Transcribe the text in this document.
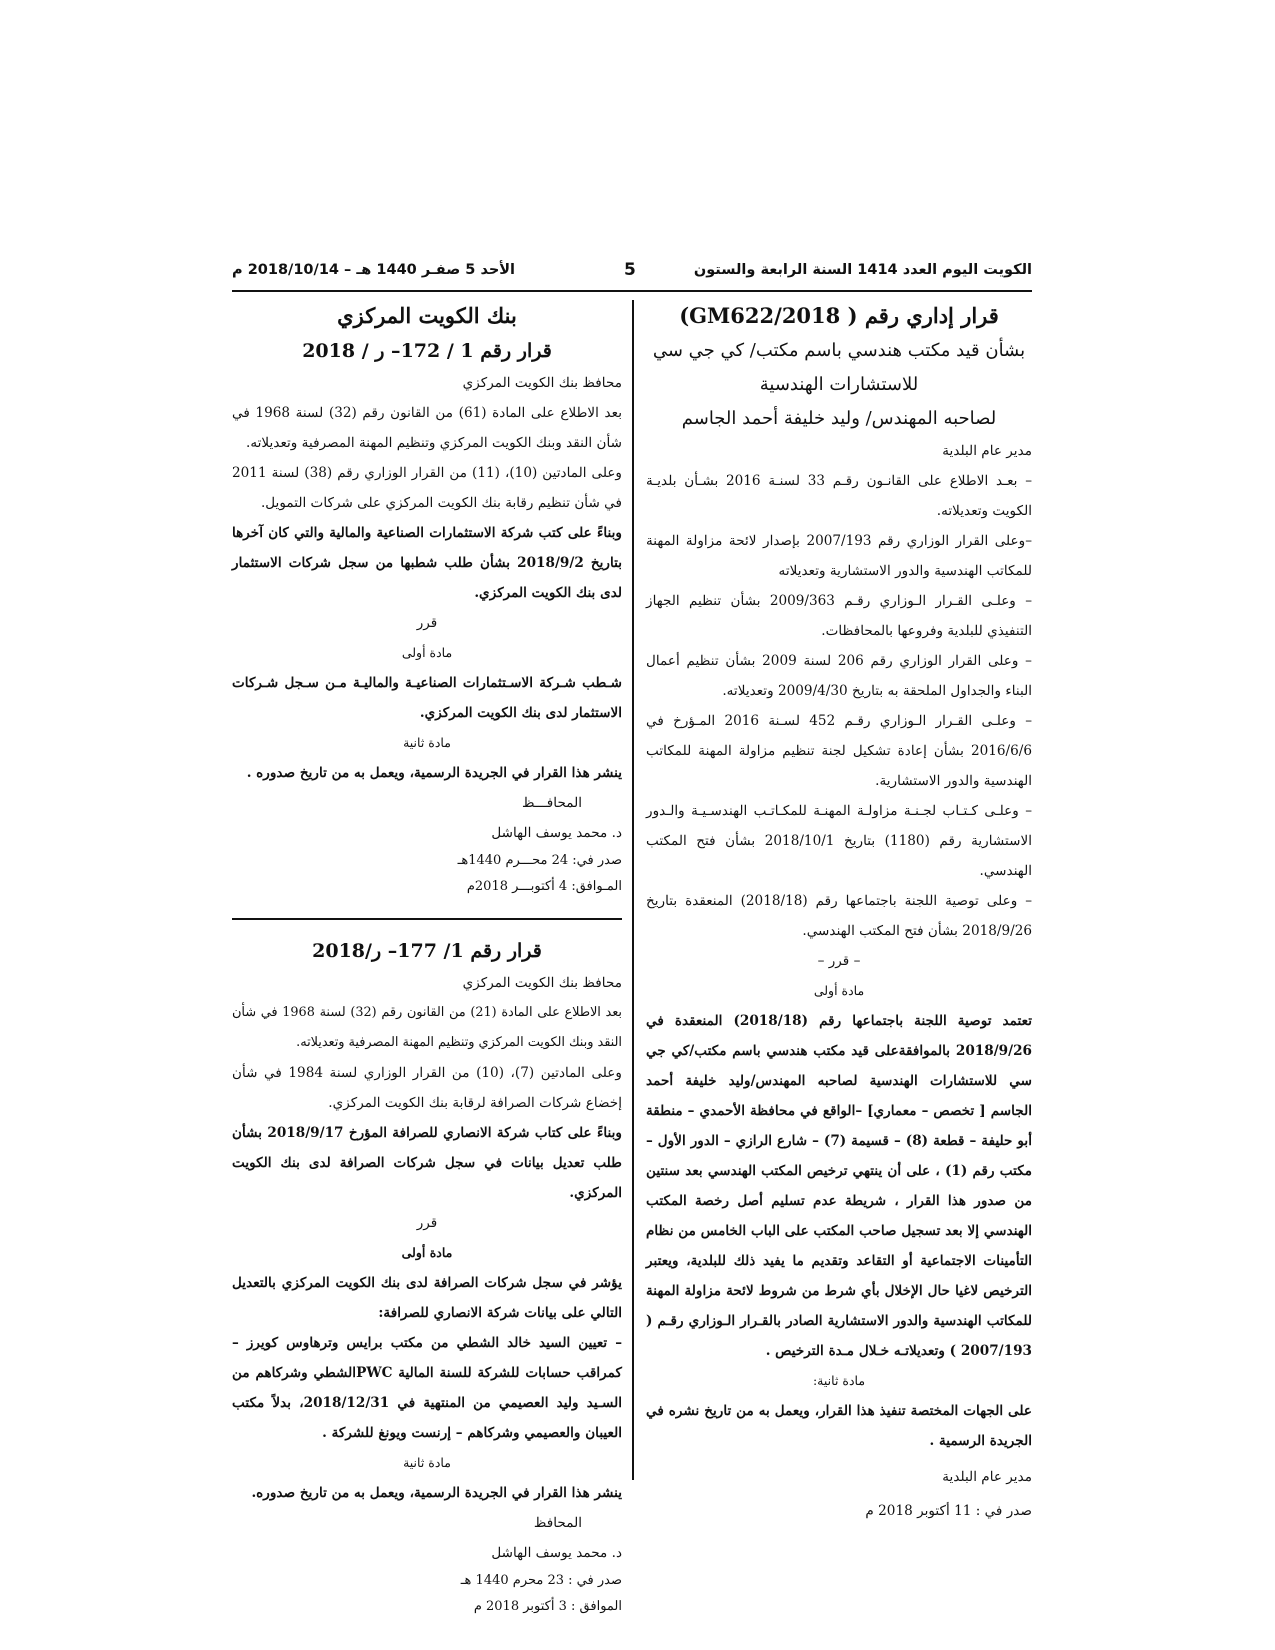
الكويت اليوم العدد 1414 السنة الرابعة والستون
5
الأحد 5 صفـر 1440 هـ – 2018/10/14 م

قرار إداري رقم ( 2018/GM622)

بشأن قيد مكتب هندسي باسم مكتب/ كي جي سي

للاستشارات الهندسية

لصاحبه المهندس/ وليد خليفة أحمد الجاسم

مدير عام البلدية

– بعـد الاطلاع على القانـون رقـم 33 لسنـة 2016 بشـأن بلديـة الكويت وتعديلاته.

–وعلى القرار الوزاري رقم 2007/193 بإصدار لائحة مزاولة المهنة للمكاتب الهندسية والدور الاستشارية وتعديلاته

– وعلـى القـرار الـوزاري رقـم 2009/363 بشأن تنظيم الجهاز التنفيذي للبلدية وفروعها بالمحافظات.

– وعلى القرار الوزاري رقم 206 لسنة 2009 بشأن تنظيم أعمال البناء والجداول الملحقة به بتاريخ 2009/4/30 وتعديلاته.

– وعلـى القـرار الـوزاري رقـم 452 لسـنة 2016 المـؤرخ في 2016/6/6 بشأن إعادة تشكيل لجنة تنظيم مزاولة المهنة للمكاتب الهندسية والدور الاستشارية.

– وعلـى كـتـاب لجـنـة مزاولـة المهنـة للمكـاتـب الهندسـيـة والـدور الاستشارية رقم (1180) بتاريخ 2018/10/1 بشأن فتح المكتب الهندسي.

– وعلى توصية اللجنة باجتماعها رقم (2018/18) المنعقدة بتاريخ 2018/9/26 بشأن فتح المكتب الهندسي.

– قرر –

مادة أولى

تعتمد توصية اللجنة باجتماعها رقم (2018/18) المنعقدة في 2018/9/26 بالموافقةعلى قيد مكتب هندسي باسم مكتب/كي جي سي للاستشارات الهندسية لصاحبه المهندس/وليد خليفة أحمد الجاسم [ تخصص – معماري] –الواقع في محافظة الأحمدي – منطقة أبو حليفة – قطعة (8) – قسيمة (7) – شارع الرازي – الدور الأول – مكتب رقم (1) ، على أن ينتهي ترخيص المكتب الهندسي بعد سنتين من صدور هذا القرار ، شريطة عدم تسليم أصل رخصة المكتب الهندسي إلا بعد تسجيل صاحب المكتب على الباب الخامس من نظام التأمينات الاجتماعية أو التقاعد وتقديم ما يفيد ذلك للبلدية، ويعتبر الترخيص لاغيا حال الإخلال بأي شرط من شروط لائحة مزاولة المهنة للمكاتب الهندسية والدور الاستشارية الصادر بالقـرار الـوزاري رقـم ( 2007/193 ) وتعديلاتـه خـلال مـدة الترخيص .

مادة ثانية:

على الجهات المختصة تنفيذ هذا القرار، ويعمل به من تاريخ نشره في الجريدة الرسمية .

مدير عام البلدية

صدر في : 11 أكتوبر 2018 م

بنك الكويت المركزي

قرار رقم 1 / 172– ر / 2018

محافظ بنك الكويت المركزي

بعد الاطلاع على المادة (61) من القانون رقم (32) لسنة 1968 في شأن النقد وبنك الكويت المركزي وتنظيم المهنة المصرفية وتعديلاته.

وعلى المادتين (10)، (11) من القرار الوزاري رقم (38) لسنة 2011 في شأن تنظيم رقابة بنك الكويت المركزي على شركات التمويل.

وبناءً على كتب شركة الاستثمارات الصناعية والمالية والتي كان آخرها بتاريخ 2018/9/2 بشأن طلب شطبها من سجل شركات الاستثمار لدى بنك الكويت المركزي.

قرر

مادة أولى

شـطب شـركة الاسـتثمارات الصناعيـة والماليـة مـن سـجل شـركات الاستثمار لدى بنك الكويت المركزي.

مادة ثانية

ينشر هذا القرار في الجريدة الرسمية، ويعمل به من تاريخ صدوره .

المحافـــظ

د. محمد يوسف الهاشل

صدر في: 24 محـــرم 1440هـ

المـوافق: 4 أكتوبـــر 2018م

قرار رقم 1/ 177– ر/2018

محافظ بنك الكويت المركزي

بعد الاطلاع على المادة (21) من القانون رقم (32) لسنة 1968 في شأن النقد وبنك الكويت المركزي وتنظيم المهنة المصرفية وتعديلاته.

وعلى المادتين (7)، (10) من القرار الوزاري لسنة 1984 في شأن إخضاع شركات الصرافة لرقابة بنك الكويت المركزي.

وبناءً على كتاب شركة الانصاري للصرافة المؤرخ 2018/9/17 بشأن طلب تعديل بيانات في سجل شركات الصرافة لدى بنك الكويت المركزي.

قرر

مادة أولى

يؤشر في سجل شركات الصرافة لدى بنك الكويت المركزي بالتعديل التالي على بيانات شركة الانصاري للصرافة:

– تعيين السيد خالد الشطي من مكتب برايس وترهاوس كويرز – كمراقب حسابات للشركة للسنة المالية PWCالشطي وشركاهم من السـيد وليد العصيمي من المنتهية في 2018/12/31، بدلاً مكتب العيبان والعصيمي وشركاهم – إرنست ويونغ للشركة .

مادة ثانية

ينشر هذا القرار في الجريدة الرسمية، ويعمل به من تاريخ صدوره.

المحافظ

د. محمد يوسف الهاشل

صدر في : 23 محرم 1440 هـ

الموافق : 3 أكتوبر 2018 م
